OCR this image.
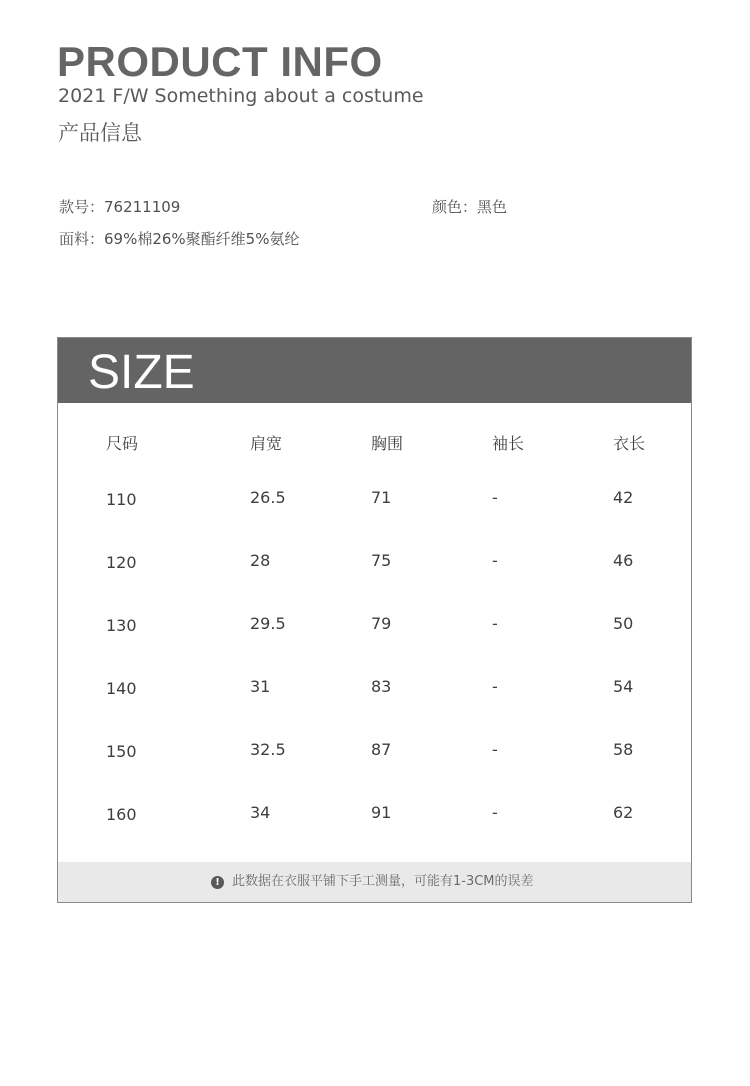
PRODUCT INFO
2021 F/W Something about a costume
产品信息
款号：76211109	颜色：黑色
面料：69%棉26%聚酯纤维5%氨纶
SIZE
尺码	肩宽	胸围	袖长	衣长
110	26.5	71	-	42
120	28	75	-	46
130	29.5	79	-	50
140	31	83	-	54
150	32.5	87	-	58
160	34	91	-	62
! 此数据在衣服平铺下手工测量，可能有1-3CM的误差
